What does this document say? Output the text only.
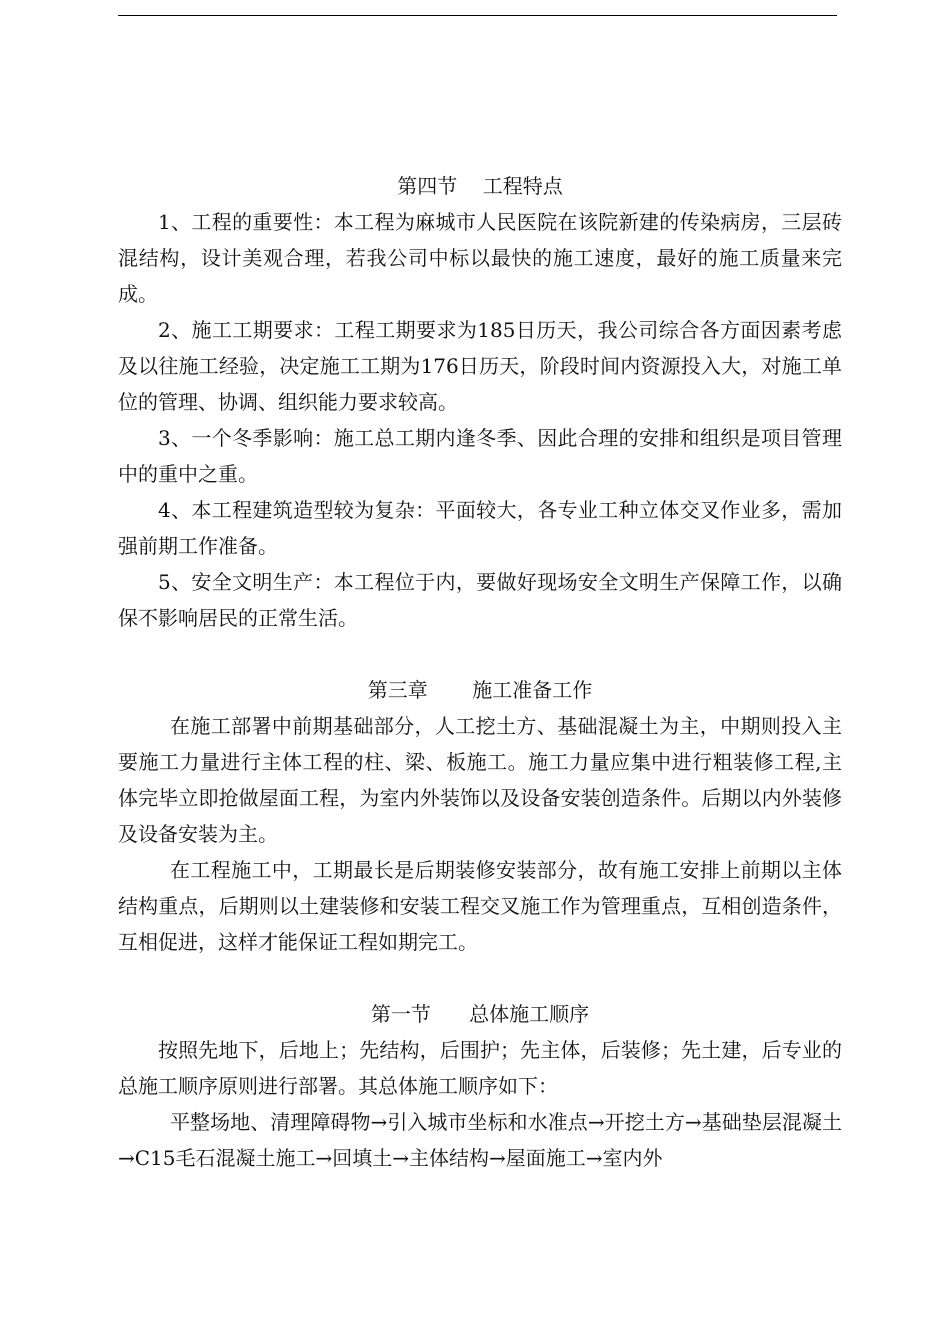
第四节    工程特点

1、工程的重要性：本工程为麻城市人民医院在该院新建的传染病房，三层砖混结构，设计美观合理，若我公司中标以最快的施工速度，最好的施工质量来完成。

2、施工工期要求：工程工期要求为185日历天，我公司综合各方面因素考虑及以往施工经验，决定施工工期为176日历天，阶段时间内资源投入大，对施工单位的管理、协调、组织能力要求较高。

3、一个冬季影响：施工总工期内逢冬季、因此合理的安排和组织是项目管理中的重中之重。

4、本工程建筑造型较为复杂：平面较大，各专业工种立体交叉作业多，需加强前期工作准备。

5、安全文明生产：本工程位于内，要做好现场安全文明生产保障工作，以确保不影响居民的正常生活。

第三章       施工准备工作

在施工部署中前期基础部分，人工挖土方、基础混凝土为主，中期则投入主要施工力量进行主体工程的柱、梁、板施工。施工力量应集中进行粗装修工程,主体完毕立即抢做屋面工程，为室内外装饰以及设备安装创造条件。后期以内外装修及设备安装为主。

在工程施工中，工期最长是后期装修安装部分，故有施工安排上前期以主体结构重点，后期则以土建装修和安装工程交叉施工作为管理重点，互相创造条件，互相促进，这样才能保证工程如期完工。

第一节      总体施工顺序

按照先地下，后地上；先结构，后围护；先主体，后装修；先土建，后专业的总施工顺序原则进行部署。其总体施工顺序如下：

平整场地、清理障碍物→引入城市坐标和水准点→开挖土方→基础垫层混凝土→C15毛石混凝土施工→回填土→主体结构→屋面施工→室内外
